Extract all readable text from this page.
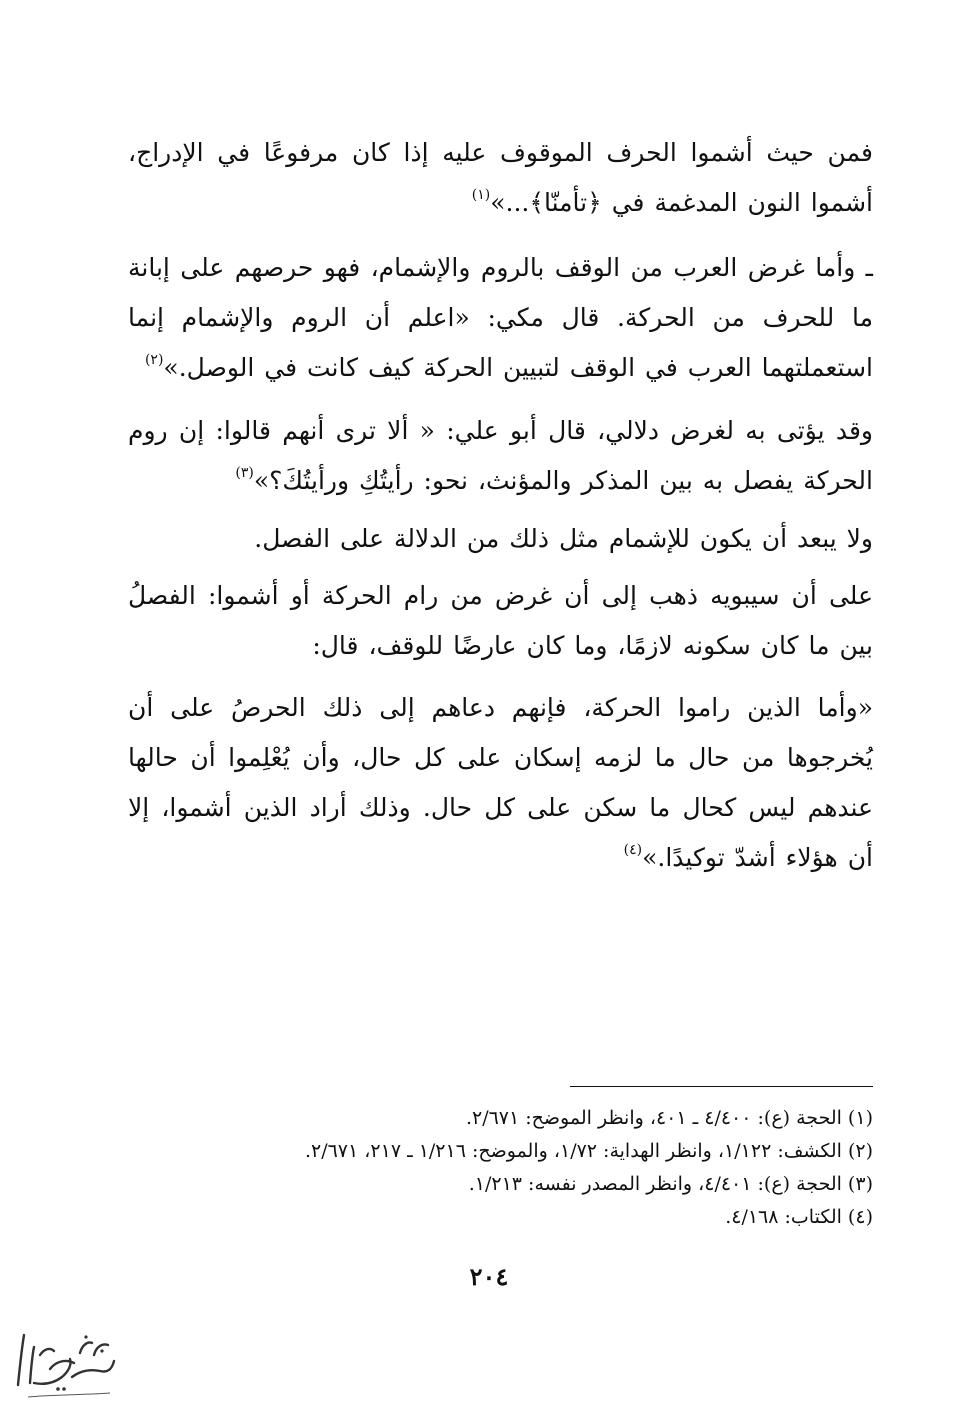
فمن حيث أشموا الحرف الموقوف عليه إذا كان مرفوعًا في الإدراج، أشموا النون المدغمة في ﴿تأمنّا﴾...»$^{(١)}$

ـ وأما غرض العرب من الوقف بالروم والإشمام، فهو حرصهم على إبانة ما للحرف من الحركة. قال مكي: «اعلم أن الروم والإشمام إنما استعملتهما العرب في الوقف لتبيين الحركة كيف كانت في الوصل.»$^{(٢)}$

وقد يؤتى به لغرض دلالي، قال أبو علي: « ألا ترى أنهم قالوا: إن روم الحركة يفصل به بين المذكر والمؤنث، نحو: رأيتُكِ ورأيتُكَ؟»$^{(٣)}$

ولا يبعد أن يكون للإشمام مثل ذلك من الدلالة على الفصل.

على أن سيبويه ذهب إلى أن غرض من رام الحركة أو أشموا: الفصلُ بين ما كان سكونه لازمًا، وما كان عارضًا للوقف، قال:

«وأما الذين راموا الحركة، فإنهم دعاهم إلى ذلك الحرصُ على أن يُخرجوها من حال ما لزمه إسكان على كل حال، وأن يُعْلِموا أن حالها عندهم ليس كحال ما سكن على كل حال. وذلك أراد الذين أشموا، إلا أن هؤلاء أشدّ توكيدًا.»$^{(٤)}$

(١) الحجة (ع): ٤/٤٠٠ ـ ٤٠١، وانظر الموضح: ٢/٦٧١.
(٢) الكشف: ١/١٢٢، وانظر الهداية: ١/٧٢، والموضح: ١/٢١٦ ـ ٢١٧، ٢/٦٧١.
(٣) الحجة (ع): ٤/٤٠١، وانظر المصدر نفسه: ١/٢١٣.
(٤) الكتاب: ٤/١٦٨.
٢٠٤
